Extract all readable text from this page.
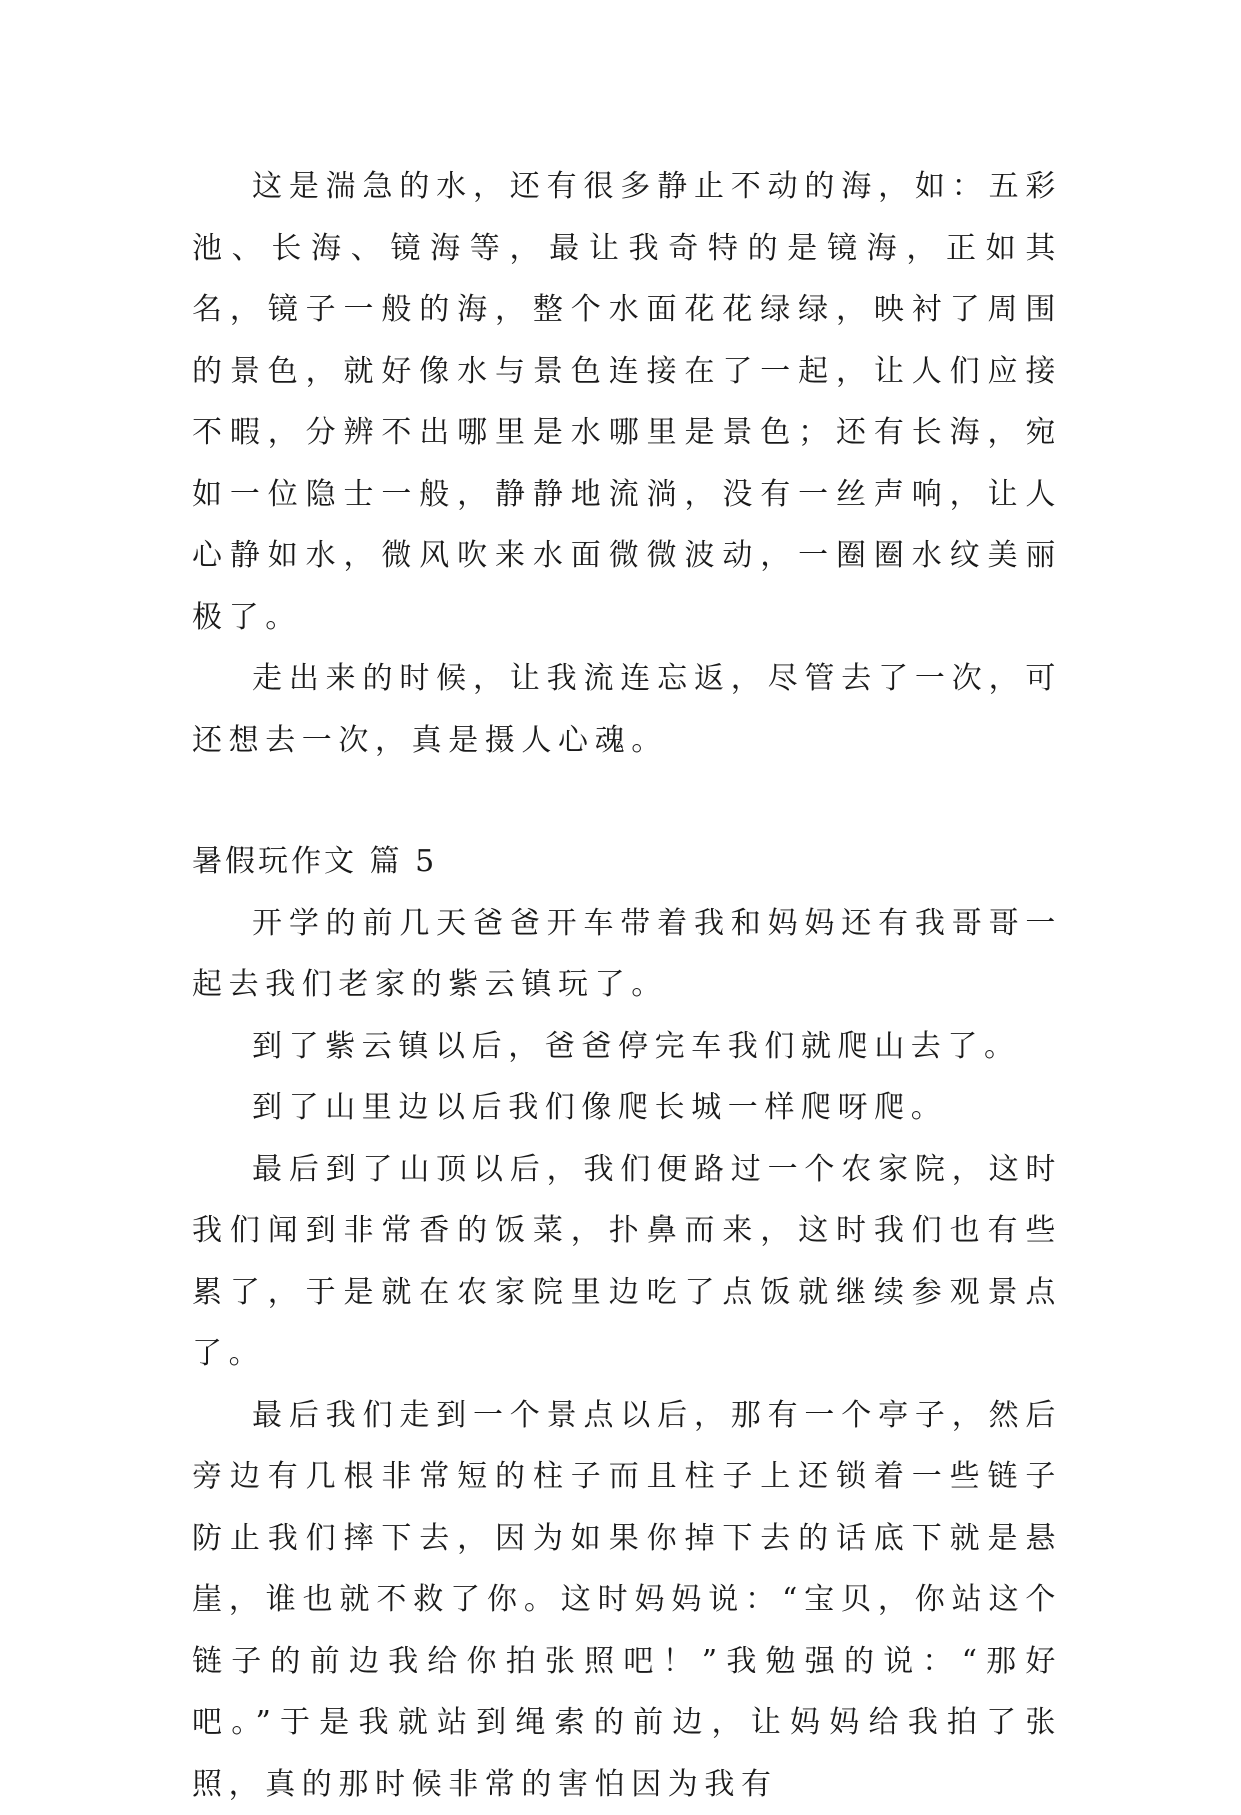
这是湍急的水，还有很多静止不动的海，如：五彩池、长海、镜海等，最让我奇特的是镜海，正如其名，镜子一般的海，整个水面花花绿绿，映衬了周围的景色，就好像水与景色连接在了一起，让人们应接不暇，分辨不出哪里是水哪里是景色；还有长海，宛如一位隐士一般，静静地流淌，没有一丝声响，让人心静如水，微风吹来水面微微波动，一圈圈水纹美丽极了。

走出来的时候，让我流连忘返，尽管去了一次，可还想去一次，真是摄人心魂。

暑假玩作文 篇 5

开学的前几天爸爸开车带着我和妈妈还有我哥哥一起去我们老家的紫云镇玩了。

到了紫云镇以后，爸爸停完车我们就爬山去了。

到了山里边以后我们像爬长城一样爬呀爬。

最后到了山顶以后，我们便路过一个农家院，这时我们闻到非常香的饭菜，扑鼻而来，这时我们也有些累了，于是就在农家院里边吃了点饭就继续参观景点了。

最后我们走到一个景点以后，那有一个亭子，然后旁边有几根非常短的柱子而且柱子上还锁着一些链子防止我们摔下去，因为如果你掉下去的话底下就是悬崖，谁也就不救了你。这时妈妈说：“宝贝，你站这个链子的前边我给你拍张照吧！”我勉强的说：“那好吧。”于是我就站到绳索的前边，让妈妈给我拍了张照，真的那时候非常的害怕因为我有
